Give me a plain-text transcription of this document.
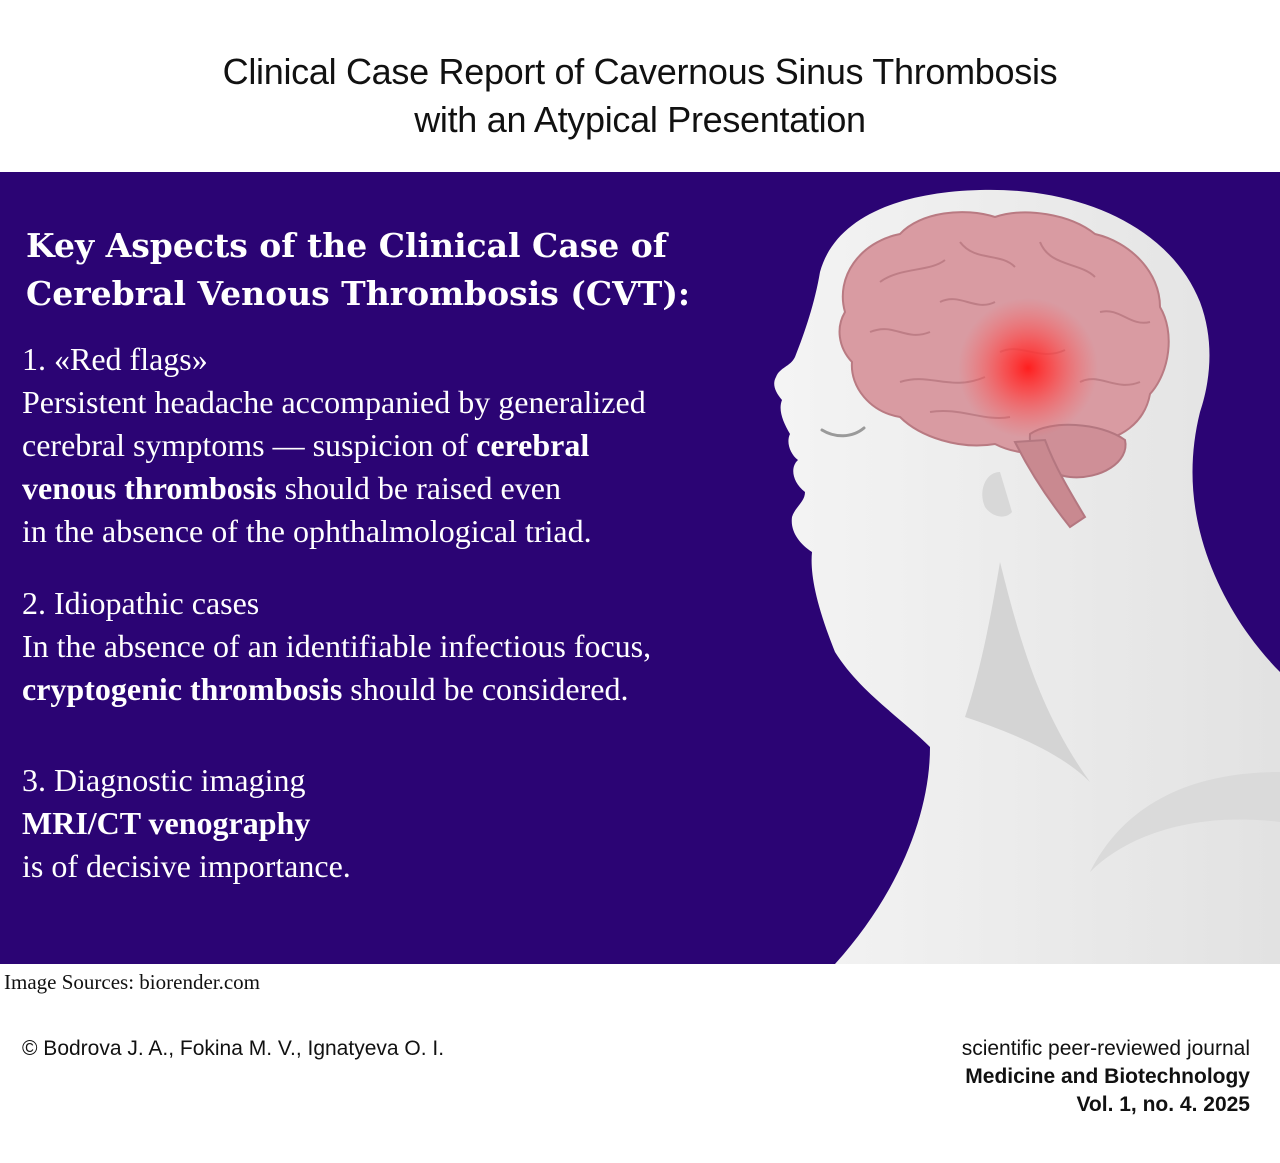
Clinical Case Report of Cavernous Sinus Thrombosis
with an Atypical Presentation
Key Aspects of the Clinical Case of
Cerebral Venous Thrombosis (CVT):
1. «Red flags»
Persistent headache accompanied by generalized
cerebral symptoms — suspicion of cerebral
venous thrombosis should be raised even
in the absence of the ophthalmological triad.
2. Idiopathic cases
In the absence of an identifiable infectious focus,
cryptogenic thrombosis should be considered.
3. Diagnostic imaging
MRI/CT venography
is of decisive importance.
Image Sources: biorender.com
© Bodrova J. A., Fokina M. V., Ignatyeva O. I.	scientific peer-reviewed journal
Medicine and Biotechnology
Vol. 1, no. 4. 2025
